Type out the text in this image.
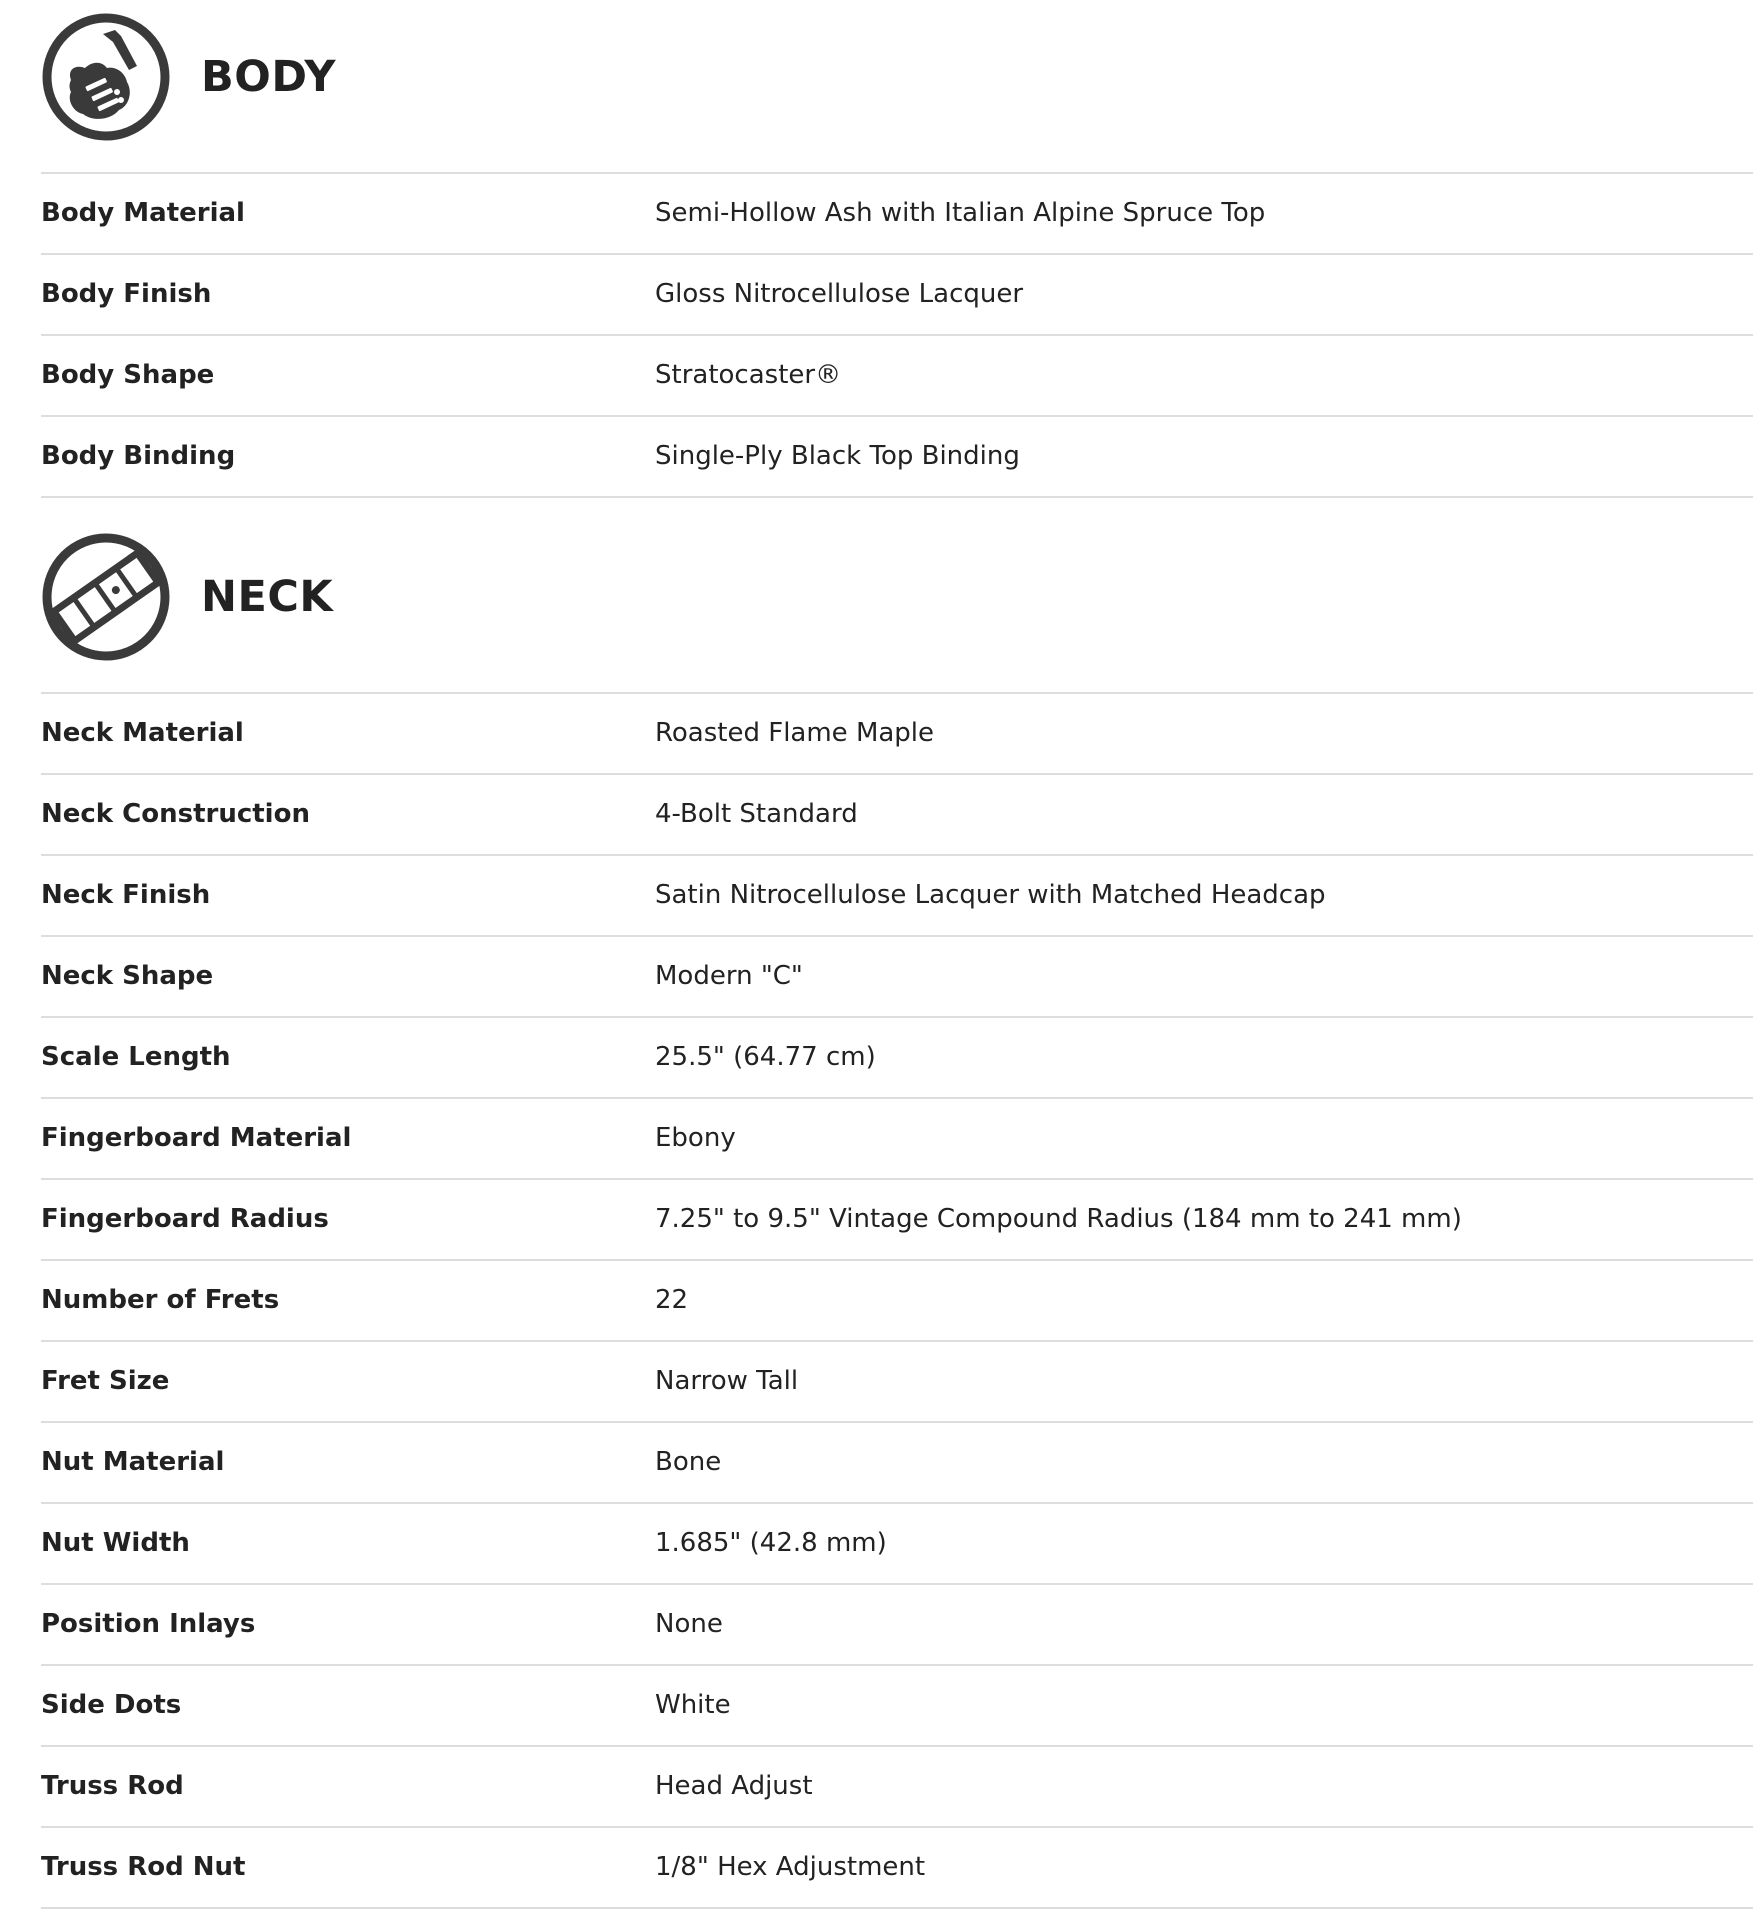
BODY
Body Material	Semi-Hollow Ash with Italian Alpine Spruce Top
Body Finish	Gloss Nitrocellulose Lacquer
Body Shape	Stratocaster®
Body Binding	Single-Ply Black Top Binding
NECK
Neck Material	Roasted Flame Maple
Neck Construction	4-Bolt Standard
Neck Finish	Satin Nitrocellulose Lacquer with Matched Headcap
Neck Shape	Modern "C"
Scale Length	25.5" (64.77 cm)
Fingerboard Material	Ebony
Fingerboard Radius	7.25" to 9.5" Vintage Compound Radius (184 mm to 241 mm)
Number of Frets	22
Fret Size	Narrow Tall
Nut Material	Bone
Nut Width	1.685" (42.8 mm)
Position Inlays	None
Side Dots	White
Truss Rod	Head Adjust
Truss Rod Nut	1/8" Hex Adjustment
